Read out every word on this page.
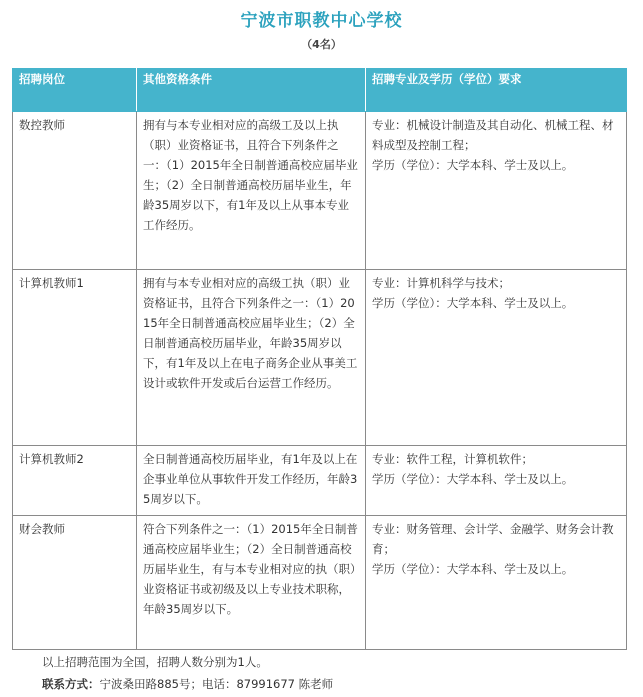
宁波市职教中心学校
（4名）
招聘岗位	其他资格条件	招聘专业及学历（学位）要求
数控教师	拥有与本专业相对应的高级工及以上执（职）业资格证书，且符合下列条件之一：（1）2015年全日制普通高校应届毕业生；（2）全日制普通高校历届毕业生，年龄35周岁以下，有1年及以上从事本专业工作经历。	专业：机械设计制造及其自动化、机械工程、材料成型及控制工程；
学历（学位）：大学本科、学士及以上。

计算机教师1	拥有与本专业相对应的高级工执（职）业资格证书，且符合下列条件之一：（1）2015年全日制普通高校应届毕业生；（2）全日制普通高校历届毕业，年龄35周岁以下，有1年及以上在电子商务企业从事美工设计或软件开发或后台运营工作经历。	专业：计算机科学与技术；
学历（学位）：大学本科、学士及以上。

计算机教师2	全日制普通高校历届毕业，有1年及以上在企事业单位从事软件开发工作经历，年龄35周岁以下。	专业：软件工程，计算机软件；
学历（学位）：大学本科、学士及以上。

财会教师	符合下列条件之一：（1）2015年全日制普通高校应届毕业生；（2）全日制普通高校历届毕业生，有与本专业相对应的执（职）业资格证书或初级及以上专业技术职称，年龄35周岁以下。	专业：财务管理、会计学、金融学、财务会计教育；
学历（学位）：大学本科、学士及以上。
以上招聘范围为全国，招聘人数分别为1人。
联系方式：宁波桑田路885号；电话：87991677 陈老师
